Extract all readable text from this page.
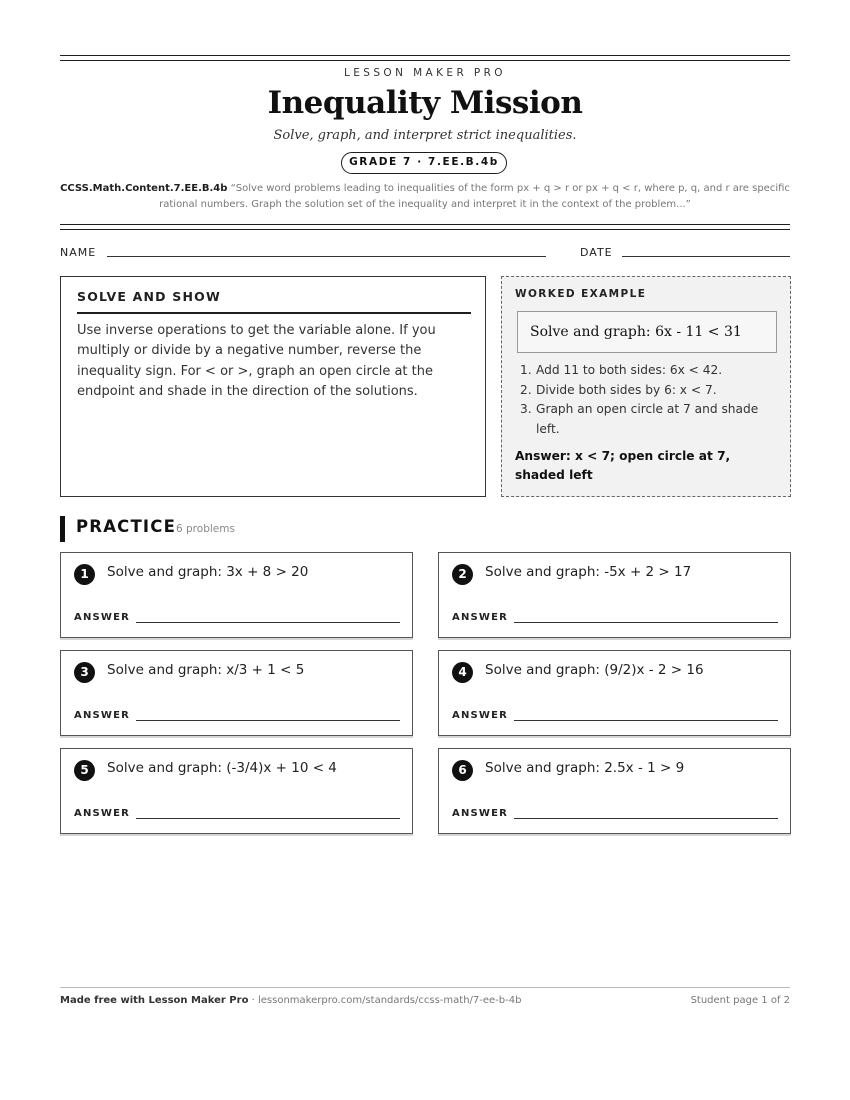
LESSON MAKER PRO
Inequality Mission
Solve, graph, and interpret strict inequalities.
GRADE 7 · 7.EE.B.4b
CCSS.Math.Content.7.EE.B.4b “Solve word problems leading to inequalities of the form px + q > r or px + q < r, where p, q, and r are specific rational numbers. Graph the solution set of the inequality and interpret it in the context of the problem...”
NAME	DATE
SOLVE AND SHOW

Use inverse operations to get the variable alone. If you multiply or divide by a negative number, reverse the inequality sign. For < or >, graph an open circle at the endpoint and shade in the direction of the solutions.

WORKED EXAMPLE
Solve and graph: 6x - 11 < 31
1. Add 11 to both sides: 6x < 42.
2. Divide both sides by 6: x < 7.
3. Graph an open circle at 7 and shade left.
Answer: x < 7; open circle at 7, shaded left
PRACTICE 6 problems
1	Solve and graph: 3x + 8 > 20
ANSWER
2	Solve and graph: -5x + 2 > 17
ANSWER
3	Solve and graph: x/3 + 1 < 5
ANSWER
4	Solve and graph: (9/2)x - 2 > 16
ANSWER
5	Solve and graph: (-3/4)x + 10 < 4
ANSWER
6	Solve and graph: 2.5x - 1 > 9
ANSWER
Made free with Lesson Maker Pro · lessonmakerpro.com/standards/ccss-math/7-ee-b-4b	Student page 1 of 2
